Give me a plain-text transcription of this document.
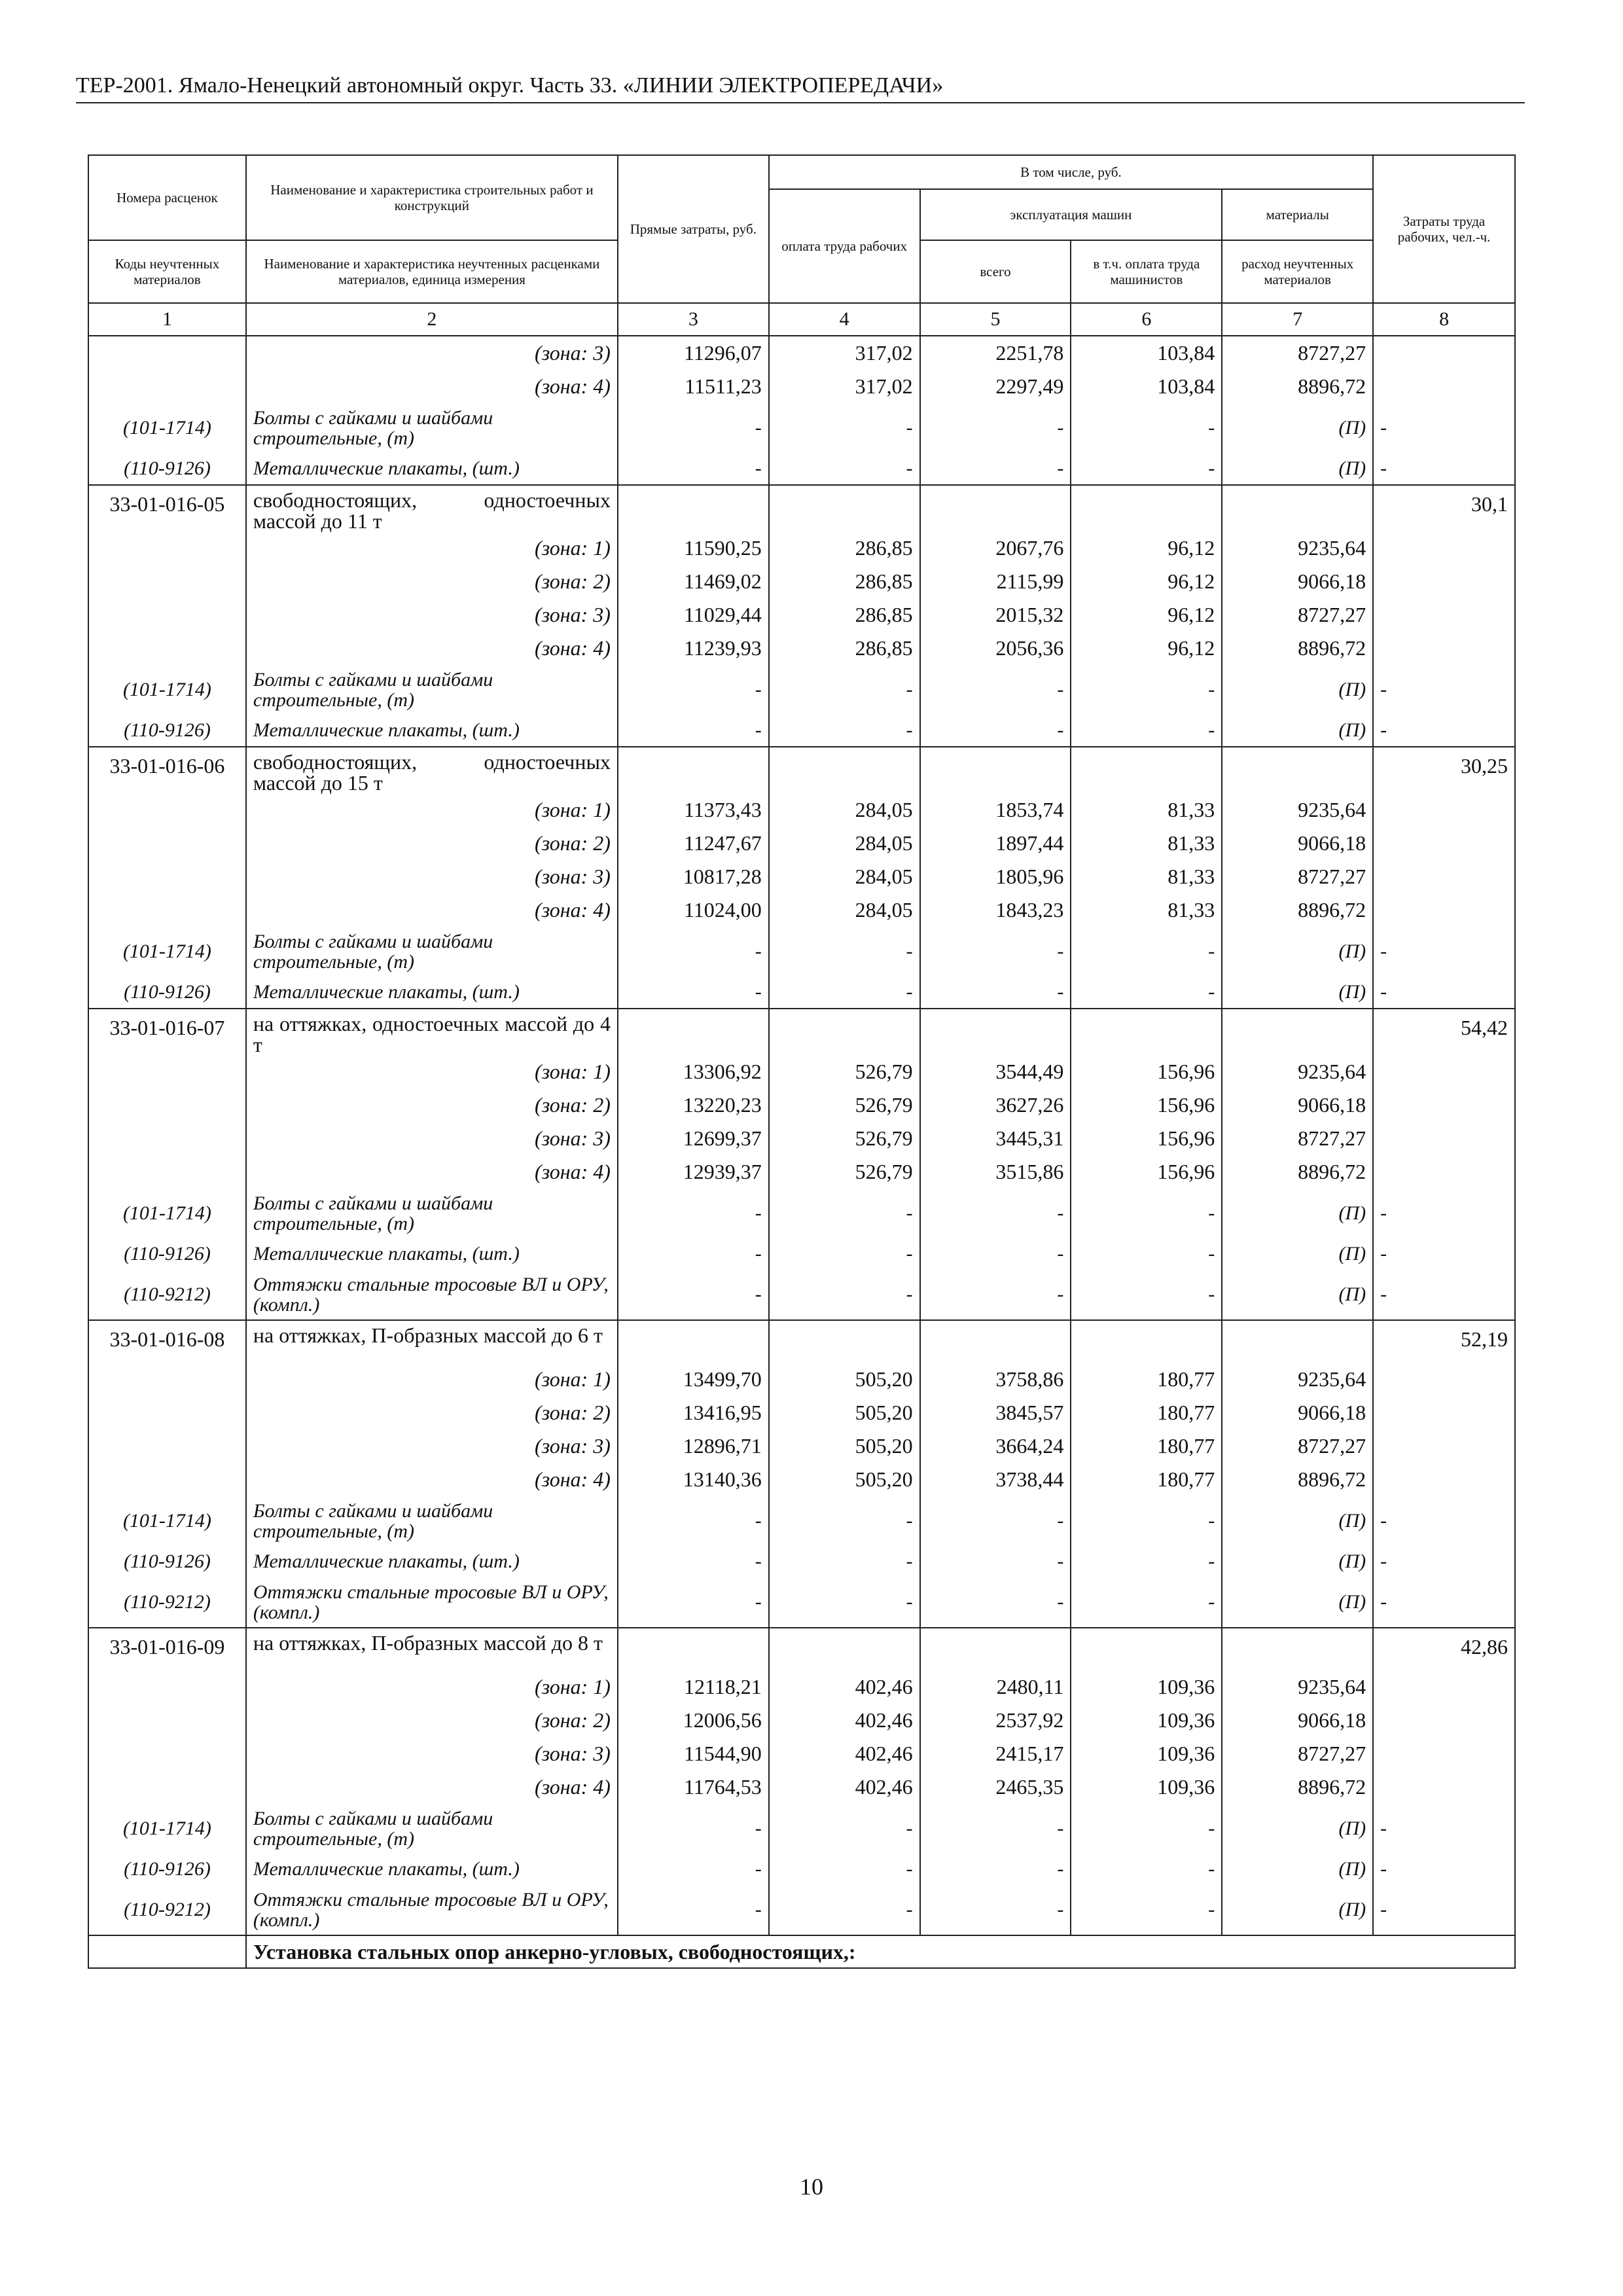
ТЕР-2001. Ямало-Ненецкий автономный округ. Часть 33. «ЛИНИИ ЭЛЕКТРОПЕРЕДАЧИ»
Номера расценок	Наименование и характеристика строительных работ и конструкций	Прямые затраты, руб.	В том числе, руб.				Затраты труда рабочих, чел.-ч.
			оплата труда рабочих	эксплуатация машин		материалы	
Коды неучтенных материалов	Наименование и характеристика неучтенных расценками материалов, единица измерения			всего	в т.ч. оплата труда машинистов	расход неучтенных материалов	
1	2	3	4	5	6	7	8
	(зона: 3)	11296,07	317,02	2251,78	103,84	8727,27	
	(зона: 4)	11511,23	317,02	2297,49	103,84	8896,72	
(101-1714)	Болты с гайками и шайбами строительные, (т)	-	-	-	-	(П)	-
(110-9126)	Металлические плакаты, (шт.)	-	-	-	-	(П)	-
33-01-016-05	свободностоящих, одностоечных массой до 11 т						30,1
	(зона: 1)	11590,25	286,85	2067,76	96,12	9235,64	
	(зона: 2)	11469,02	286,85	2115,99	96,12	9066,18	
	(зона: 3)	11029,44	286,85	2015,32	96,12	8727,27	
	(зона: 4)	11239,93	286,85	2056,36	96,12	8896,72	
(101-1714)	Болты с гайками и шайбами строительные, (т)	-	-	-	-	(П)	-
(110-9126)	Металлические плакаты, (шт.)	-	-	-	-	(П)	-
33-01-016-06	свободностоящих, одностоечных массой до 15 т						30,25
	(зона: 1)	11373,43	284,05	1853,74	81,33	9235,64	
	(зона: 2)	11247,67	284,05	1897,44	81,33	9066,18	
	(зона: 3)	10817,28	284,05	1805,96	81,33	8727,27	
	(зона: 4)	11024,00	284,05	1843,23	81,33	8896,72	
(101-1714)	Болты с гайками и шайбами строительные, (т)	-	-	-	-	(П)	-
(110-9126)	Металлические плакаты, (шт.)	-	-	-	-	(П)	-
33-01-016-07	на оттяжках, одностоечных массой до 4 т						54,42
	(зона: 1)	13306,92	526,79	3544,49	156,96	9235,64	
	(зона: 2)	13220,23	526,79	3627,26	156,96	9066,18	
	(зона: 3)	12699,37	526,79	3445,31	156,96	8727,27	
	(зона: 4)	12939,37	526,79	3515,86	156,96	8896,72	
(101-1714)	Болты с гайками и шайбами строительные, (т)	-	-	-	-	(П)	-
(110-9126)	Металлические плакаты, (шт.)	-	-	-	-	(П)	-
(110-9212)	Оттяжки стальные тросовые ВЛ и ОРУ, (компл.)	-	-	-	-	(П)	-
33-01-016-08	на оттяжках, П-образных массой до 6 т						52,19
	(зона: 1)	13499,70	505,20	3758,86	180,77	9235,64	
	(зона: 2)	13416,95	505,20	3845,57	180,77	9066,18	
	(зона: 3)	12896,71	505,20	3664,24	180,77	8727,27	
	(зона: 4)	13140,36	505,20	3738,44	180,77	8896,72	
(101-1714)	Болты с гайками и шайбами строительные, (т)	-	-	-	-	(П)	-
(110-9126)	Металлические плакаты, (шт.)	-	-	-	-	(П)	-
(110-9212)	Оттяжки стальные тросовые ВЛ и ОРУ, (компл.)	-	-	-	-	(П)	-
33-01-016-09	на оттяжках, П-образных массой до 8 т						42,86
	(зона: 1)	12118,21	402,46	2480,11	109,36	9235,64	
	(зона: 2)	12006,56	402,46	2537,92	109,36	9066,18	
	(зона: 3)	11544,90	402,46	2415,17	109,36	8727,27	
	(зона: 4)	11764,53	402,46	2465,35	109,36	8896,72	
(101-1714)	Болты с гайками и шайбами строительные, (т)	-	-	-	-	(П)	-
(110-9126)	Металлические плакаты, (шт.)	-	-	-	-	(П)	-
(110-9212)	Оттяжки стальные тросовые ВЛ и ОРУ, (компл.)	-	-	-	-	(П)	-
	Установка стальных опор анкерно-угловых, свободностоящих,:						
10
